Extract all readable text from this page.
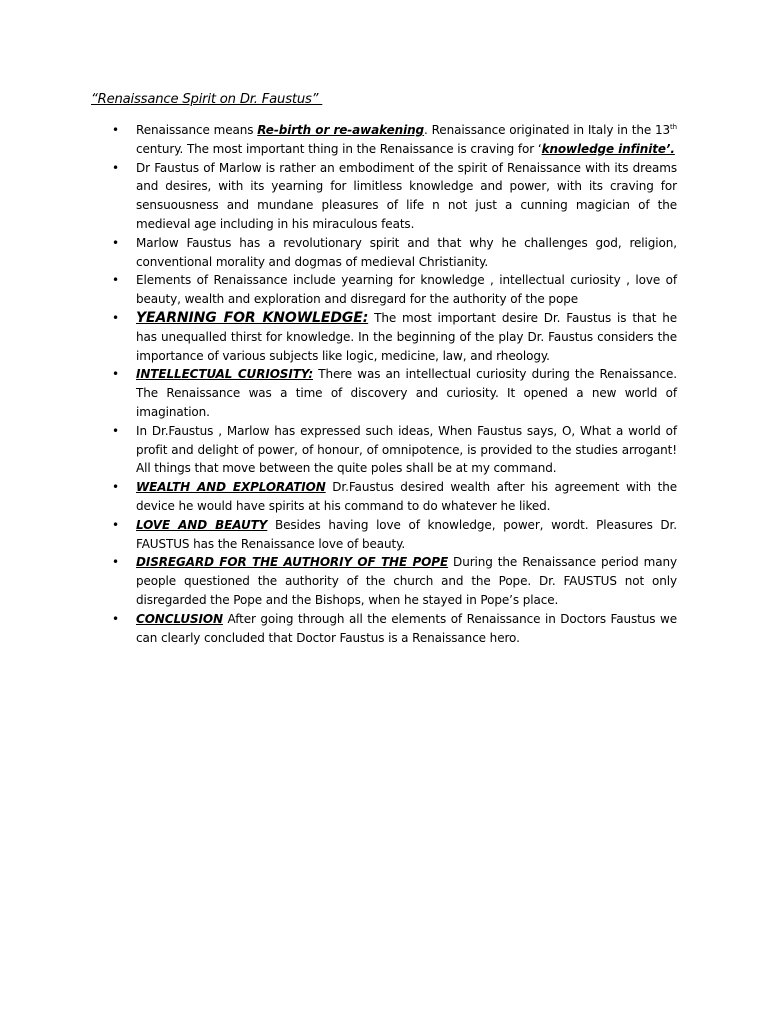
“Renaissance Spirit on Dr. Faustus”
• Renaissance means Re-birth or re-awakening. Renaissance originated in Italy in the 13th century. The most important thing in the Renaissance is craving for ‘knowledge infinite’.
• Dr Faustus of Marlow is rather an embodiment of the spirit of Renaissance with its dreams and desires, with its yearning for limitless knowledge and power, with its craving for sensuousness and mundane pleasures of life n not just a cunning magician of the medieval age including in his miraculous feats.
• Marlow Faustus has a revolutionary spirit and that why he challenges god, religion, conventional morality and dogmas of medieval Christianity.
• Elements of Renaissance include yearning for knowledge , intellectual curiosity , love of beauty, wealth and exploration and disregard for the authority of the pope
• YEARNING FOR KNOWLEDGE: The most important desire Dr. Faustus is that he has unequalled thirst for knowledge. In the beginning of the play Dr. Faustus considers the importance of various subjects like logic, medicine, law, and rheology.
• INTELLECTUAL CURIOSITY: There was an intellectual curiosity during the Renaissance. The Renaissance was a time of discovery and curiosity. It opened a new world of imagination.
• In Dr.Faustus , Marlow has expressed such ideas, When Faustus says, O, What a world of profit and delight of power, of honour, of omnipotence, is provided to the studies arrogant! All things that move between the quite poles shall be at my command.
• WEALTH AND EXPLORATION Dr.Faustus desired wealth after his agreement with the device he would have spirits at his command to do whatever he liked.
• LOVE AND BEAUTY Besides having love of knowledge, power, wordt. Pleasures Dr. FAUSTUS has the Renaissance love of beauty.
• DISREGARD FOR THE AUTHORIY OF THE POPE During the Renaissance period many people questioned the authority of the church and the Pope. Dr. FAUSTUS not only disregarded the Pope and the Bishops, when he stayed in Pope’s place.
• CONCLUSION After going through all the elements of Renaissance in Doctors Faustus we can clearly concluded that Doctor Faustus is a Renaissance hero.
